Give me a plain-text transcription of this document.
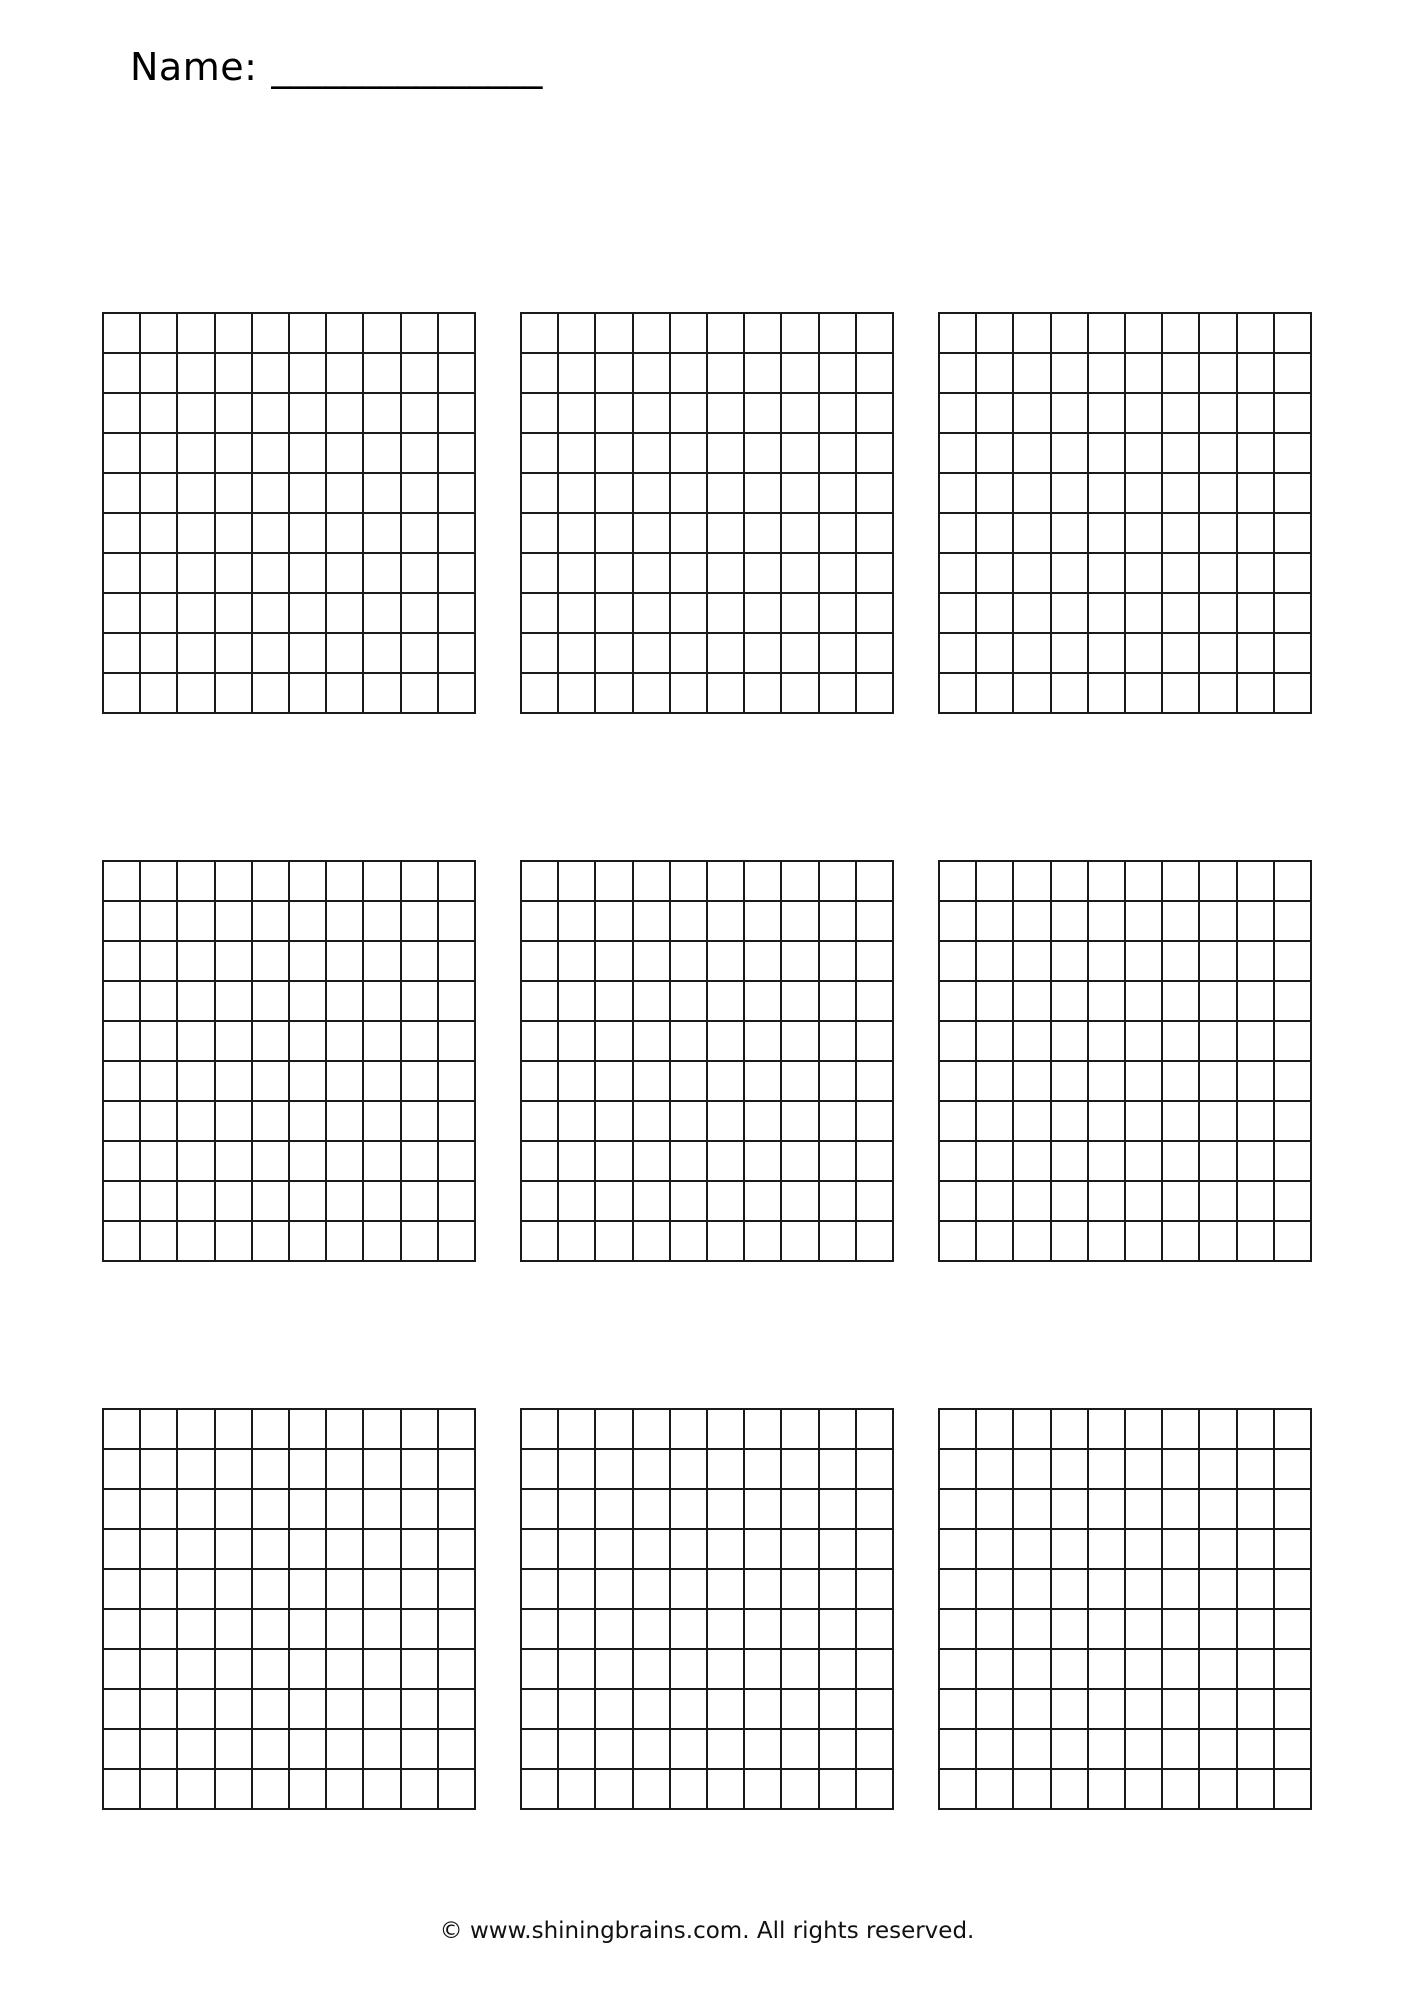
Name: _______________
© www.shiningbrains.com. All rights reserved.
